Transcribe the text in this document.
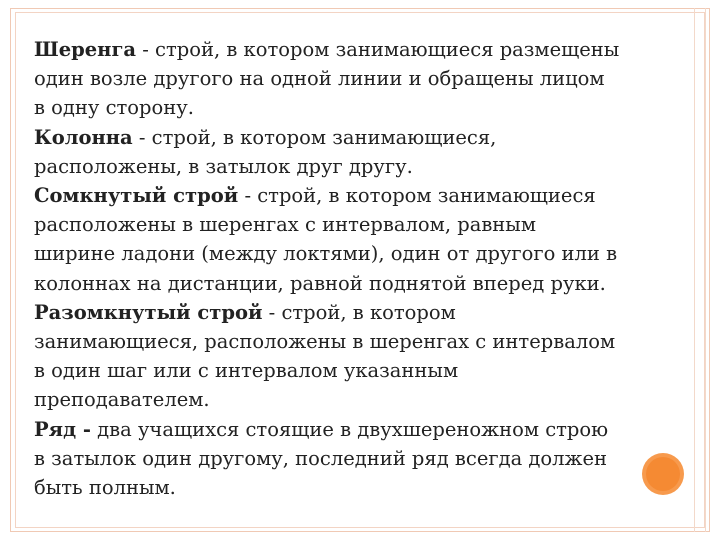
Шеренга - строй, в котором занимающиеся размещены
один возле другого на одной линии и обращены лицом
в одну сторону.
Колонна - строй, в котором занимающиеся,
расположены, в затылок друг другу.
Сомкнутый строй - строй, в котором занимающиеся
расположены в шеренгах с интервалом, равным
ширине ладони (между локтями), один от другого или в
колоннах на дистанции, равной поднятой вперед руки.
Разомкнутый строй - строй, в котором
занимающиеся, расположены в шеренгах с интервалом
в один шаг или с интервалом указанным
преподавателем.
Ряд - два учащихся стоящие в двухшереножном строю
в затылок один другому, последний ряд всегда должен
быть полным.
